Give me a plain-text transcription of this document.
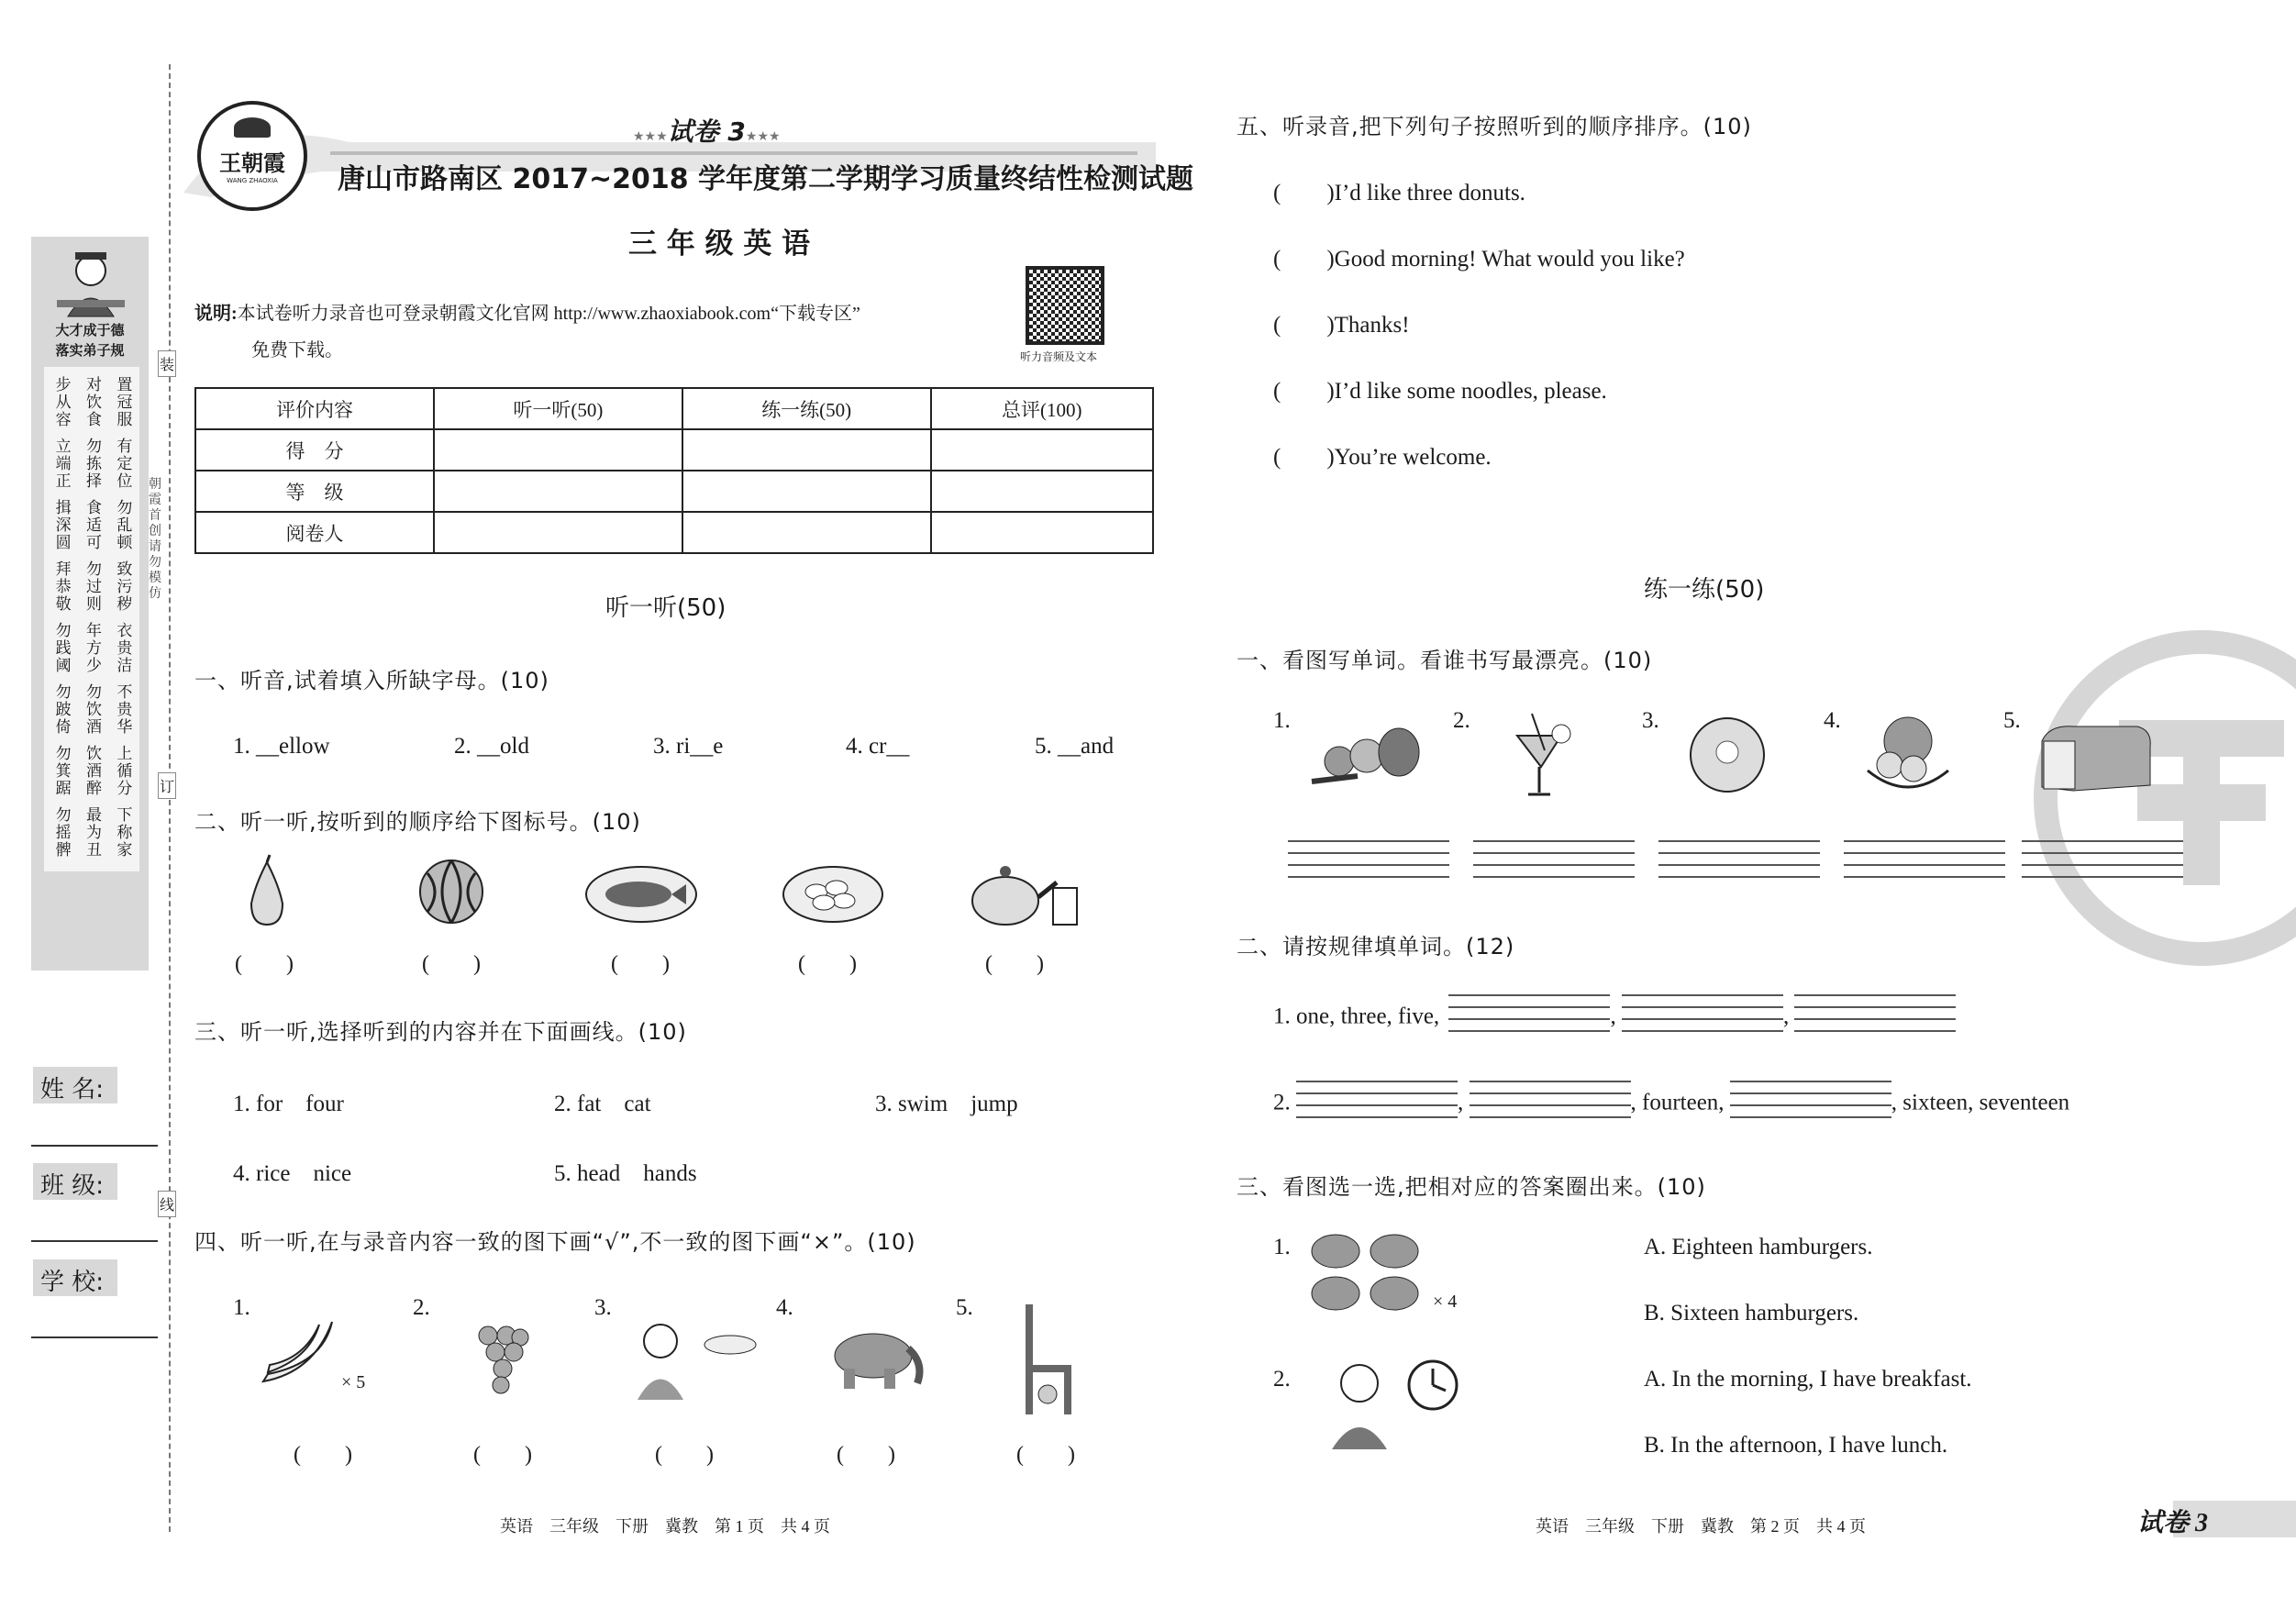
大才成于德
落实弟子规
步从容 对饮食 置冠服
立端正 勿拣择 有定位
揖深圆 食适可 勿乱顿
拜恭敬 勿过则 致污秽
勿践阈 年方少 衣贵洁
勿跛倚 勿饮酒 不贵华
勿箕踞 饮酒醉 上循分
勿摇髀 最为丑 下称家
姓 名:
班 级:
学 校:
装
订
线
朝霞首创 请勿模仿
王朝霞
WANG ZHAOXIA
★★★试卷 3★★★
唐山市路南区 2017~2018 学年度第二学期学习质量终结性检测试题
三 年 级 英 语
说明:本试卷听力录音也可登录朝霞文化官网 http://www.zhaoxiabook.com“下载专区”
免费下载。	听力音频及文本
评价内容	听一听(50)	练一练(50)	总评(100)
得　分			
等　级			
阅卷人			
听一听(50)
一、听音,试着填入所缺字母。(10)
1. __ellow	2. __old	3. ri__e	4. cr__	5. __and
二、听一听,按听到的顺序给下图标号。(10)
(　　)	(　　)	(　　)	(　　)	(　　)
三、听一听,选择听到的内容并在下面画线。(10)
1. for　 four	2. fat　 cat	3. swim　 jump
4. rice　 nice	5. head　 hands
四、听一听,在与录音内容一致的图下画“√”,不一致的图下画“×”。(10)
1.	2.	3.	4.	5.
× 5
(　　)	(　　)	(　　)	(　　)	(　　)
英语　三年级　下册　冀教　第 1 页　共 4 页
五、听录音,把下列句子按照听到的顺序排序。(10)
(　　)I’d like three donuts.
(　　)Good morning! What would you like?
(　　)Thanks!
(　　)I’d like some noodles, please.
(　　)You’re welcome.
练一练(50)
一、看图写单词。看谁书写最漂亮。(10)
1.	2.	3.	4.	5.
二、请按规律填单词。(12)
1. one, three, five,	,	,
2.	,	, fourteen,	, sixteen, seventeen
三、看图选一选,把相对应的答案圈出来。(10)
1.
× 4
2.
A. Eighteen hamburgers.
B. Sixteen hamburgers.
A. In the morning, I have breakfast.
B. In the afternoon, I have lunch.
英语　三年级　下册　冀教　第 2 页　共 4 页	试卷 3
